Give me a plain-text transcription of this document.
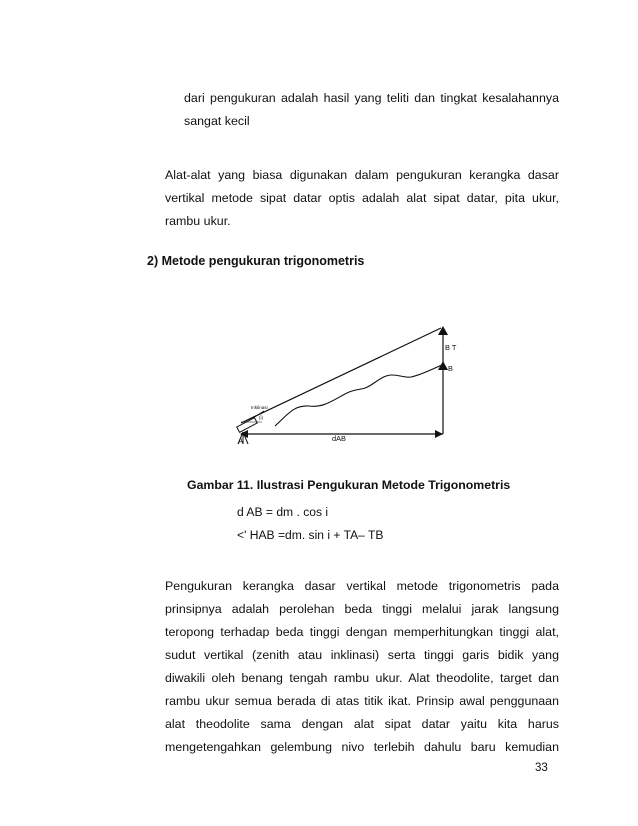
dari pengukuran adalah hasil yang teliti dan tingkat kesalahannya
sangat kecil
Alat-alat yang biasa digunakan dalam pengukuran kerangka dasar
vertikal metode sipat datar optis adalah alat sipat datar, pita ukur,
rambu ukur.
2) Metode pengukuran trigonometris
Inklinasi
(i)
A	dAB
B T
B
Gambar 11. Ilustrasi Pengukuran Metode Trigonometris
d AB = dm . cos i
<' HAB =dm. sin i + TA– TB
Pengukuran kerangka dasar vertikal metode trigonometris pada
prinsipnya adalah perolehan beda tinggi melalui jarak langsung
teropong terhadap beda tinggi dengan memperhitungkan tinggi alat,
sudut vertikal (zenith atau inklinasi) serta tinggi garis bidik yang
diwakili oleh benang tengah rambu ukur. Alat theodolite, target dan
rambu ukur semua berada di atas titik ikat. Prinsip awal penggunaan
alat theodolite sama dengan alat sipat datar yaitu kita harus
mengetengahkan gelembung nivo terlebih dahulu baru kemudian
33
